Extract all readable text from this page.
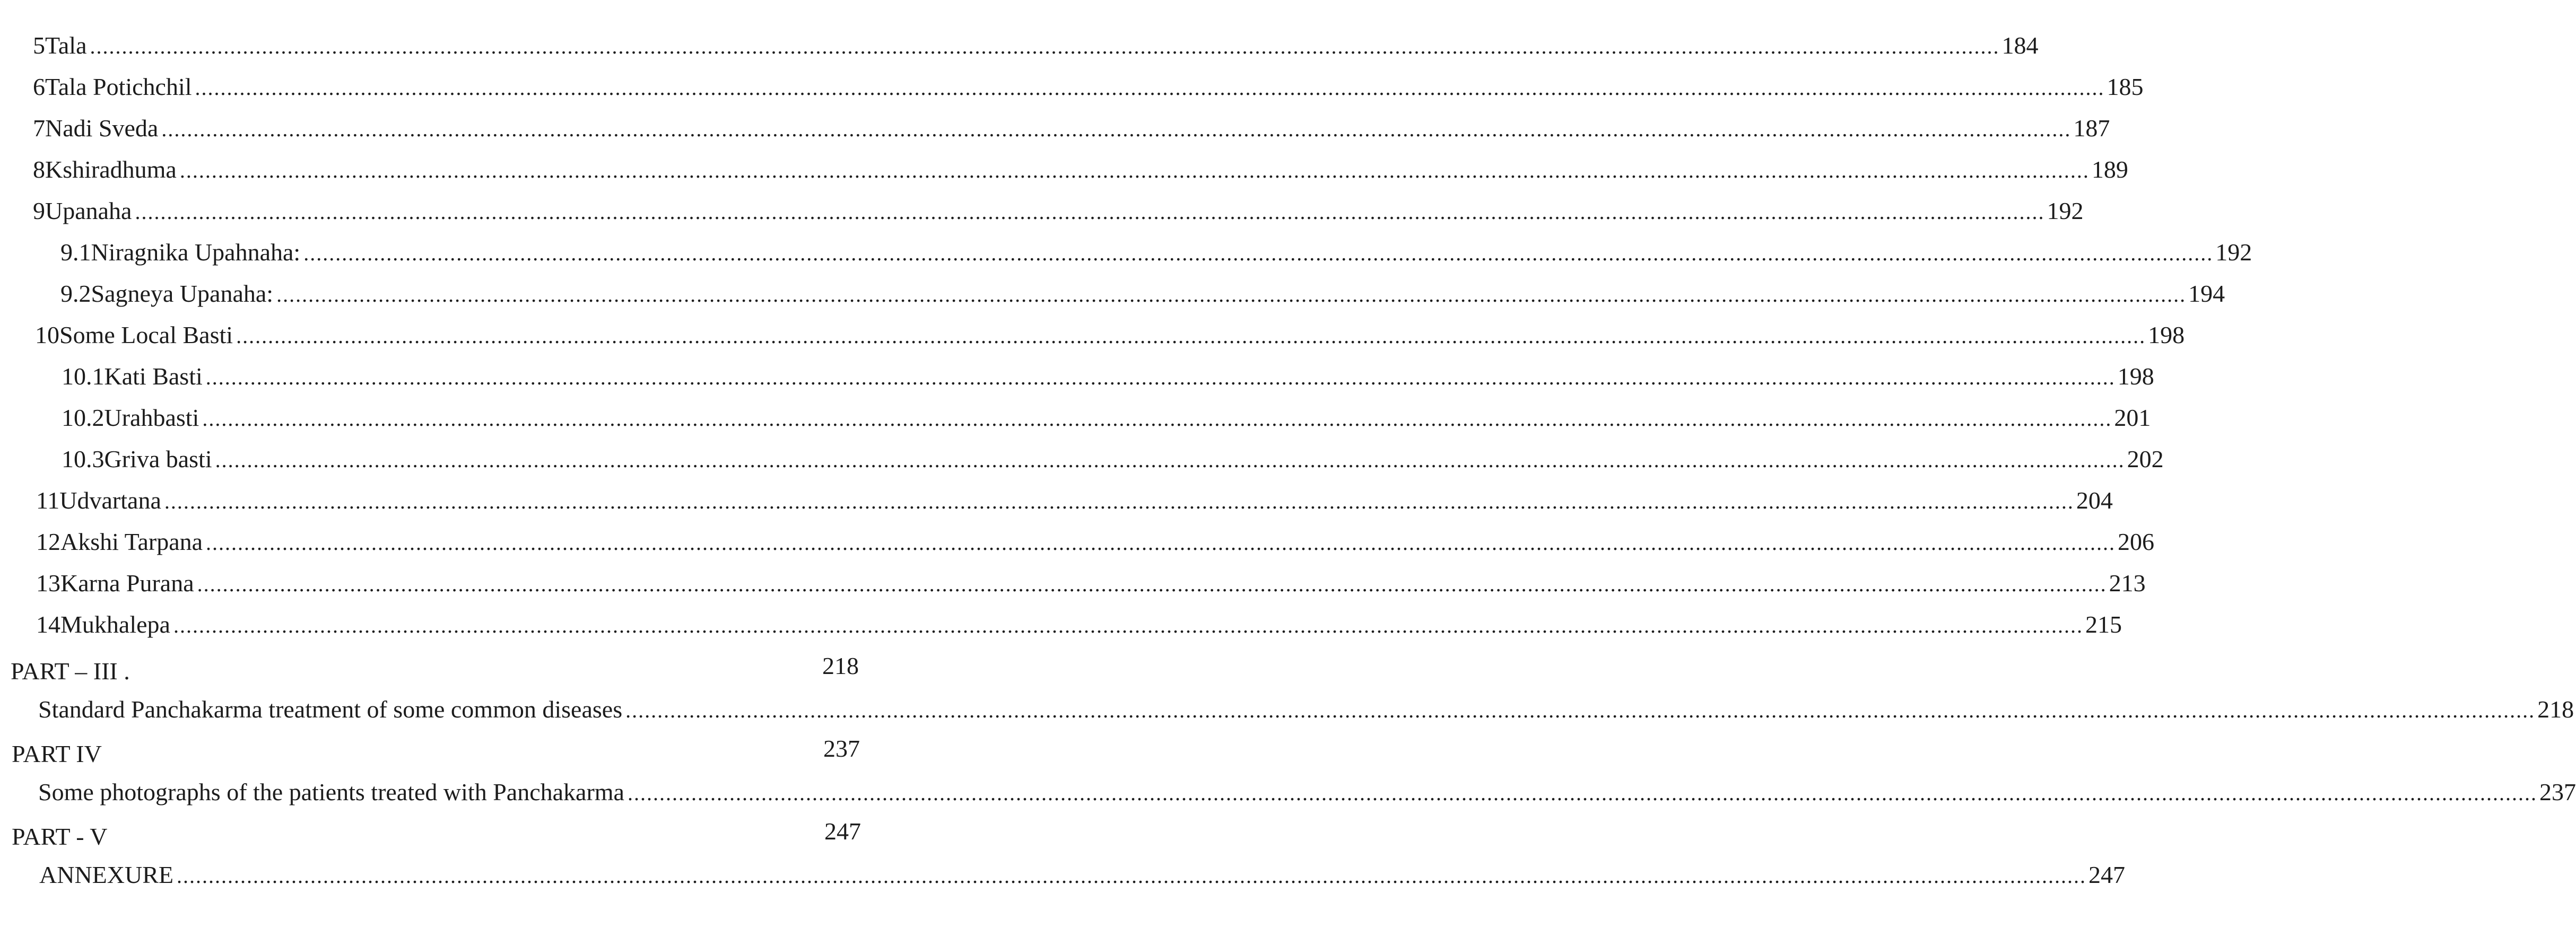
5 Tala ............................................................................................................................................................................................................................................................................................................ 184
6 Tala Potichchil ............................................................................................................................................................................................................................................................................................................ 185
7 Nadi Sveda ............................................................................................................................................................................................................................................................................................................ 187
8 Kshiradhuma ............................................................................................................................................................................................................................................................................................................ 189
9 Upanaha ............................................................................................................................................................................................................................................................................................................ 192
9.1 Niragnika Upahnaha: ............................................................................................................................................................................................................................................................................................................ 192
9.2 Sagneya Upanaha: ............................................................................................................................................................................................................................................................................................................ 194
10 Some Local Basti ............................................................................................................................................................................................................................................................................................................ 198
10.1 Kati Basti ............................................................................................................................................................................................................................................................................................................ 198
10.2 Urahbasti ............................................................................................................................................................................................................................................................................................................ 201
10.3 Griva basti ............................................................................................................................................................................................................................................................................................................ 202
11 Udvartana ............................................................................................................................................................................................................................................................................................................ 204
12 Akshi Tarpana ............................................................................................................................................................................................................................................................................................................ 206
13 Karna Purana ............................................................................................................................................................................................................................................................................................................ 213
14 Mukhalepa ............................................................................................................................................................................................................................................................................................................ 215
PART – III .	218
Standard Panchakarma treatment of some common diseases ............................................................................................................................................................................................................................................................................................................ 218
PART IV	237
Some photographs of the patients treated with Panchakarma ............................................................................................................................................................................................................................................................................................................ 237
PART - V	247
ANNEXURE ............................................................................................................................................................................................................................................................................................................ 247
